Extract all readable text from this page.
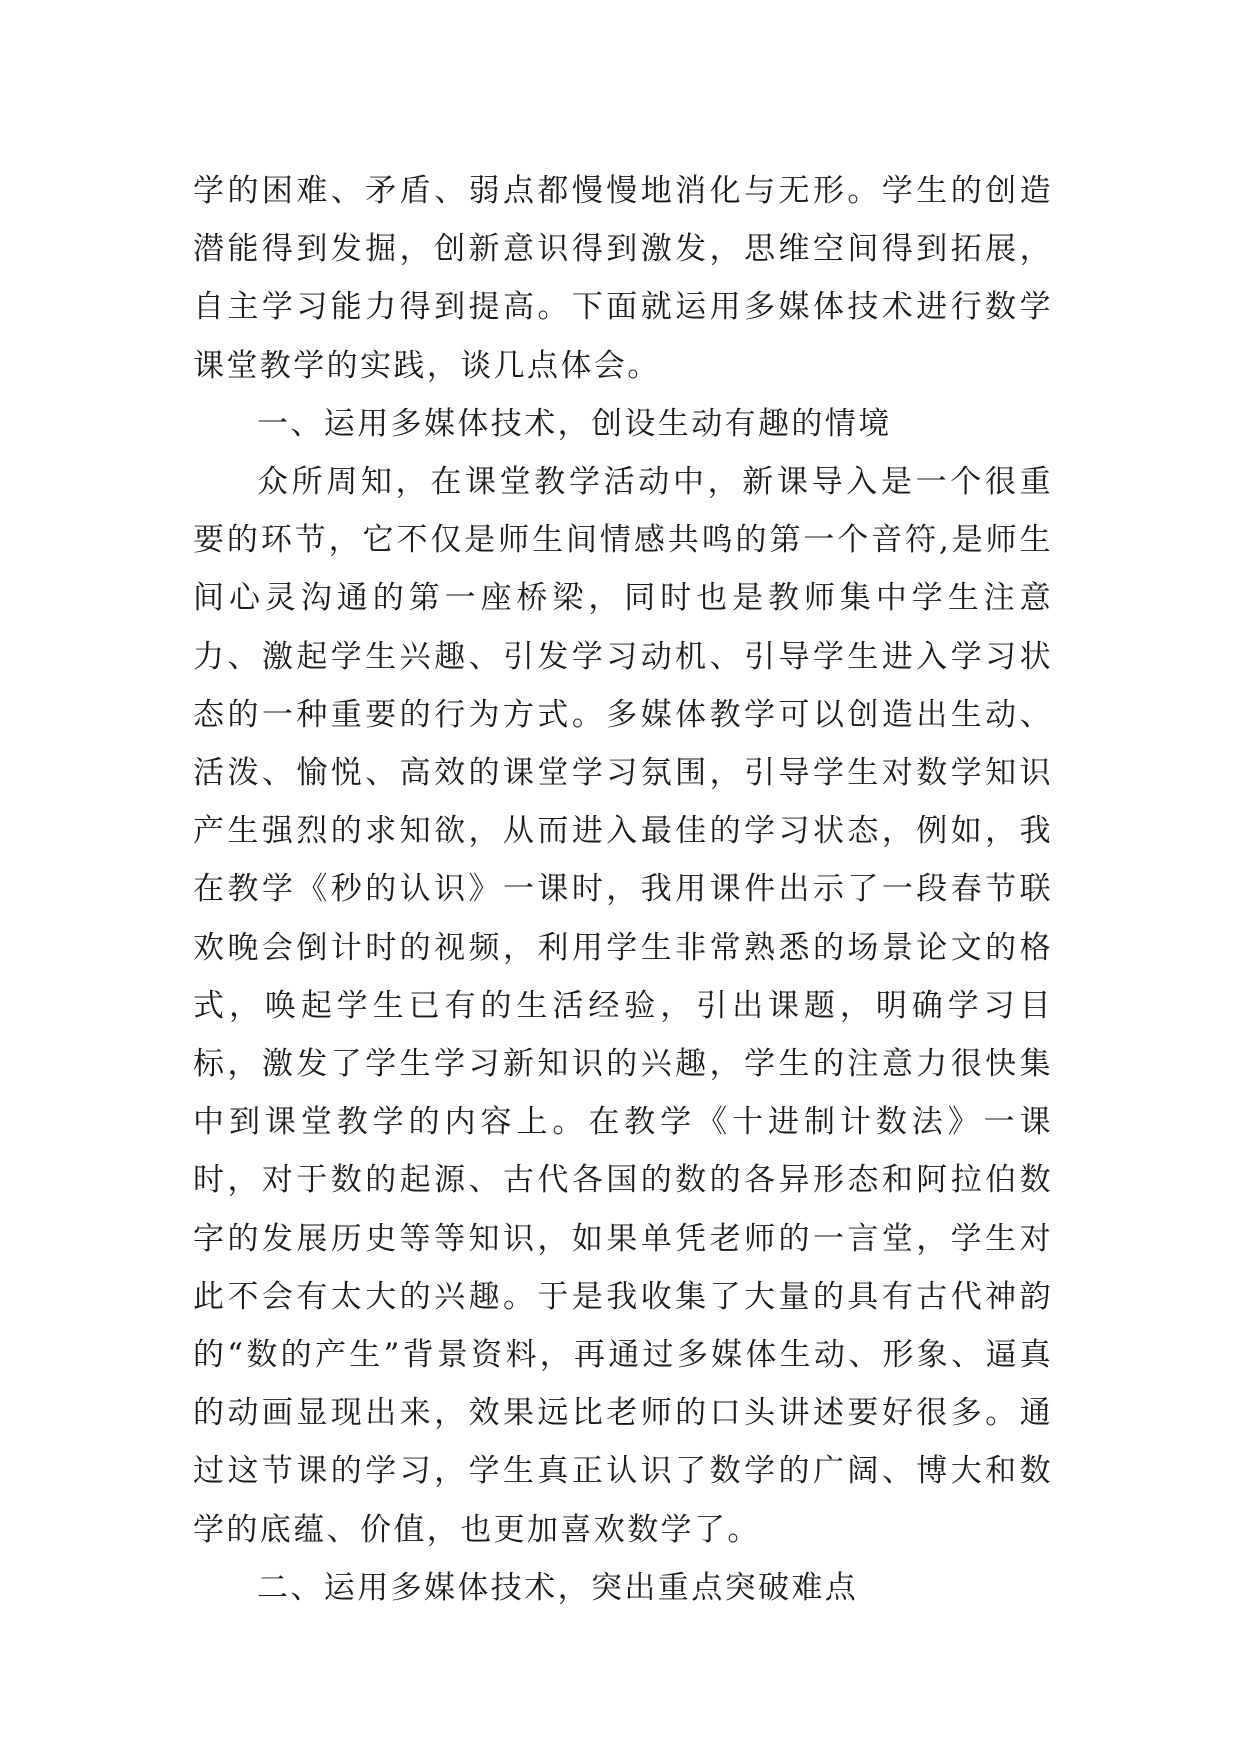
学的困难、矛盾、弱点都慢慢地消化与无形。学生的创造潜能得到发掘，创新意识得到激发，思维空间得到拓展，自主学习能力得到提高。下面就运用多媒体技术进行数学课堂教学的实践，谈几点体会。

一、运用多媒体技术，创设生动有趣的情境

众所周知，在课堂教学活动中，新课导入是一个很重要的环节，它不仅是师生间情感共鸣的第一个音符,是师生间心灵沟通的第一座桥梁，同时也是教师集中学生注意力、激起学生兴趣、引发学习动机、引导学生进入学习状态的一种重要的行为方式。多媒体教学可以创造出生动、活泼、愉悦、高效的课堂学习氛围，引导学生对数学知识产生强烈的求知欲，从而进入最佳的学习状态，例如，我在教学《秒的认识》一课时，我用课件出示了一段春节联欢晚会倒计时的视频，利用学生非常熟悉的场景论文的格式，唤起学生已有的生活经验，引出课题，明确学习目标，激发了学生学习新知识的兴趣，学生的注意力很快集中到课堂教学的内容上。在教学《十进制计数法》一课时，对于数的起源、古代各国的数的各异形态和阿拉伯数字的发展历史等等知识，如果单凭老师的一言堂，学生对此不会有太大的兴趣。于是我收集了大量的具有古代神韵的“数的产生”背景资料，再通过多媒体生动、形象、逼真的动画显现出来，效果远比老师的口头讲述要好很多。通过这节课的学习，学生真正认识了数学的广阔、博大和数学的底蕴、价值，也更加喜欢数学了。

二、运用多媒体技术，突出重点突破难点
